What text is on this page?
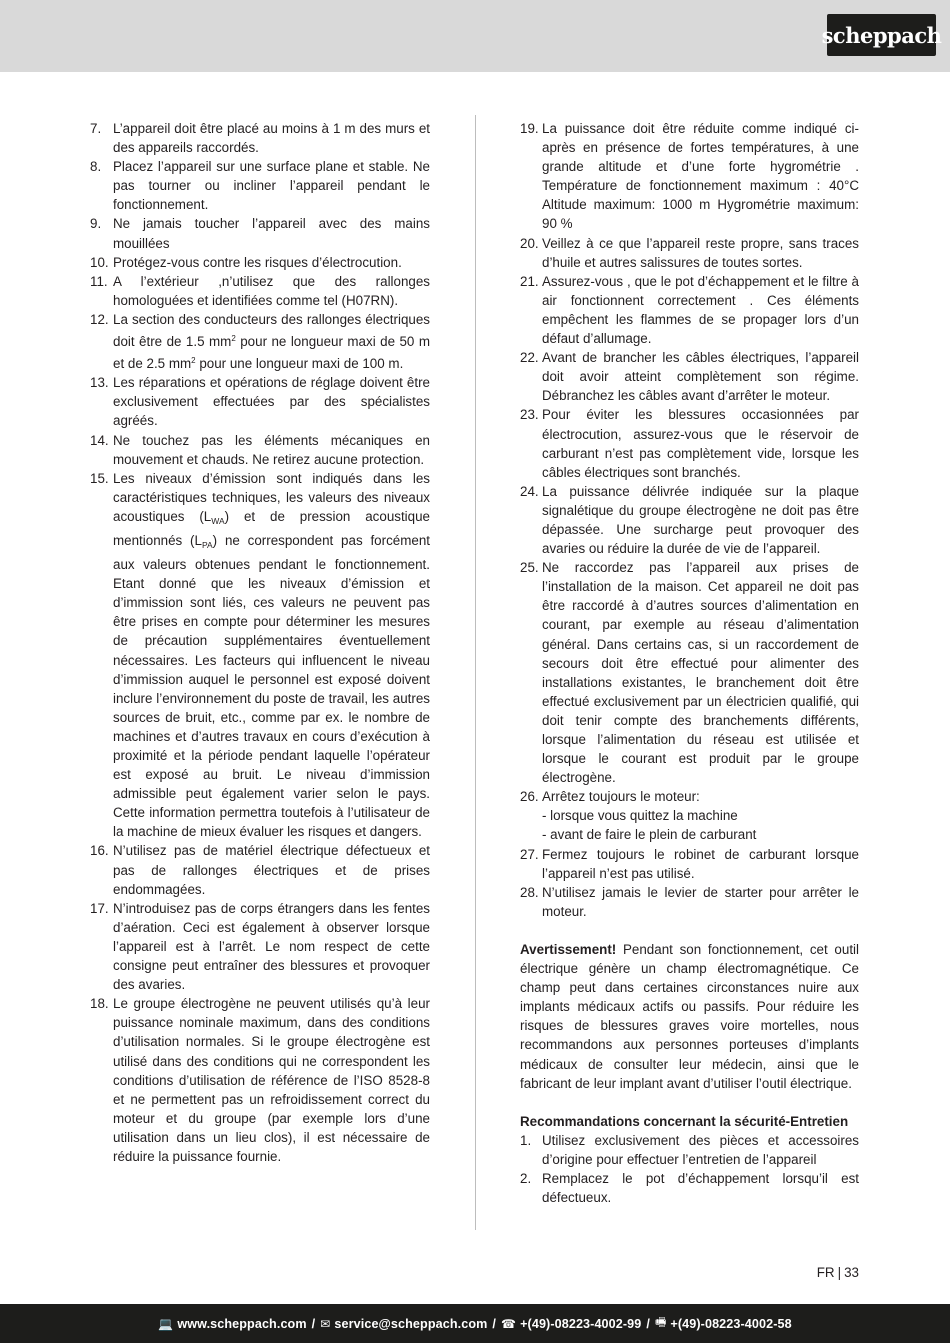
scheppach
7. L’appareil doit être placé au moins à 1 m des murs et des appareils raccordés.
8. Placez l’appareil sur une surface plane et stable. Ne pas tourner ou incliner l’appareil pendant le fonctionnement.
9. Ne jamais toucher l’appareil avec des mains mouillées
10. Protégez-vous contre les risques d’électrocution.
11. A l’extérieur ,n’utilisez que des rallonges homologuées et identifiées comme tel (H07RN).
12. La section des conducteurs des rallonges électriques doit être de 1.5 $mm^2$ pour ne longueur maxi de 50 m et de 2.5 $mm^2$ pour une longueur maxi de 100 m.
13. Les réparations et opérations de réglage doivent être exclusivement effectuées par des spécialistes agréés.
14. Ne touchez pas les éléments mécaniques en mouvement et chauds. Ne retirez aucune protection.
15. Les niveaux d’émission sont indiqués dans les caractéristiques techniques, les valeurs des niveaux acoustiques $(L_{WA})$ et de pression acoustique mentionnés $(L_{PA})$ ne correspondent pas forcément aux valeurs obtenues pendant le fonctionnement. Etant donné que les niveaux d’émission et d’immission sont liés, ces valeurs ne peuvent pas être prises en compte pour déterminer les mesures de précaution supplémentaires éventuellement nécessaires. Les facteurs qui influencent le niveau d’immission auquel le personnel est exposé doivent inclure l’environnement du poste de travail, les autres sources de bruit, etc., comme par ex. le nombre de machines et d’autres travaux en cours d’exécution à proximité et la période pendant laquelle l’opérateur est exposé au bruit. Le niveau d’immission admissible peut également varier selon le pays. Cette information permettra toutefois à l’utilisateur de la machine de mieux évaluer les risques et dangers.
16. N’utilisez pas de matériel électrique défectueux et pas de rallonges électriques et de prises endommagées.
17. N’introduisez pas de corps étrangers dans les fentes d’aération. Ceci est également à observer lorsque l’appareil est à l’arrêt. Le nom respect de cette consigne peut entraîner des blessures et provoquer des avaries.
18. Le groupe électrogène ne peuvent utilisés qu’à leur puissance nominale maximum, dans des conditions d’utilisation normales. Si le groupe électrogène est utilisé dans des conditions qui ne correspondent les conditions d’utilisation de référence de l’ISO 8528-8 et ne permettent pas un refroidissement correct du moteur et du groupe (par exemple lors d’une utilisation dans un lieu clos), il est nécessaire de réduire la puissance fournie.
19. La puissance doit être réduite comme indiqué ci-après en présence de fortes températures, à une grande altitude et d’une forte hygrométrie . Température de fonctionnement maximum : 40°C Altitude maximum: 1000 m Hygrométrie maximum: 90 %
20. Veillez à ce que l’appareil reste propre, sans traces d’huile et autres salissures de toutes sortes.
21. Assurez-vous , que le pot d’échappement et le filtre à air fonctionnent correctement . Ces éléments empêchent les flammes de se propager lors d’un défaut d’allumage.
22. Avant de brancher les câbles électriques, l’appareil doit avoir atteint complètement son régime. Débranchez les câbles avant d’arrêter le moteur.
23. Pour éviter les blessures occasionnées par électrocution, assurez-vous que le réservoir de carburant n’est pas complètement vide, lorsque les câbles électriques sont branchés.
24. La puissance délivrée indiquée sur la plaque signalétique du groupe électrogène ne doit pas être dépassée. Une surcharge peut provoquer des avaries ou réduire la durée de vie de l’appareil.
25. Ne raccordez pas l’appareil aux prises de l’installation de la maison. Cet appareil ne doit pas être raccordé à d’autres sources d’alimentation en courant, par exemple au réseau d’alimentation général. Dans certains cas, si un raccordement de secours doit être effectué pour alimenter des installations existantes, le branchement doit être effectué exclusivement par un électricien qualifié, qui doit tenir compte des branchements différents, lorsque l’alimentation du réseau est utilisée et lorsque le courant est produit par le groupe électrogène.
26. Arrêtez toujours le moteur:
- lorsque vous quittez la machine
- avant de faire le plein de carburant
27. Fermez toujours le robinet de carburant lorsque l’appareil n’est pas utilisé.
28. N’utilisez jamais le levier de starter pour arrêter le moteur.

Avertissement! Pendant son fonctionnement, cet outil électrique génère un champ électromagnétique. Ce champ peut dans certaines circonstances nuire aux implants médicaux actifs ou passifs. Pour réduire les risques de blessures graves voire mortelles, nous recommandons aux personnes porteuses d’implants médicaux de consulter leur médecin, ainsi que le fabricant de leur implant avant d’utiliser l’outil électrique.

Recommandations concernant la sécurité-Entretien

1. Utilisez exclusivement des pièces et accessoires d’origine pour effectuer l’entretien de l’appareil
2. Remplacez le pot d’échappement lorsqu’il est défectueux.
FR | 33
💻 www.scheppach.com / ✉ service@scheppach.com / ☎ +(49)-08223-4002-99 / 🖷 +(49)-08223-4002-58
